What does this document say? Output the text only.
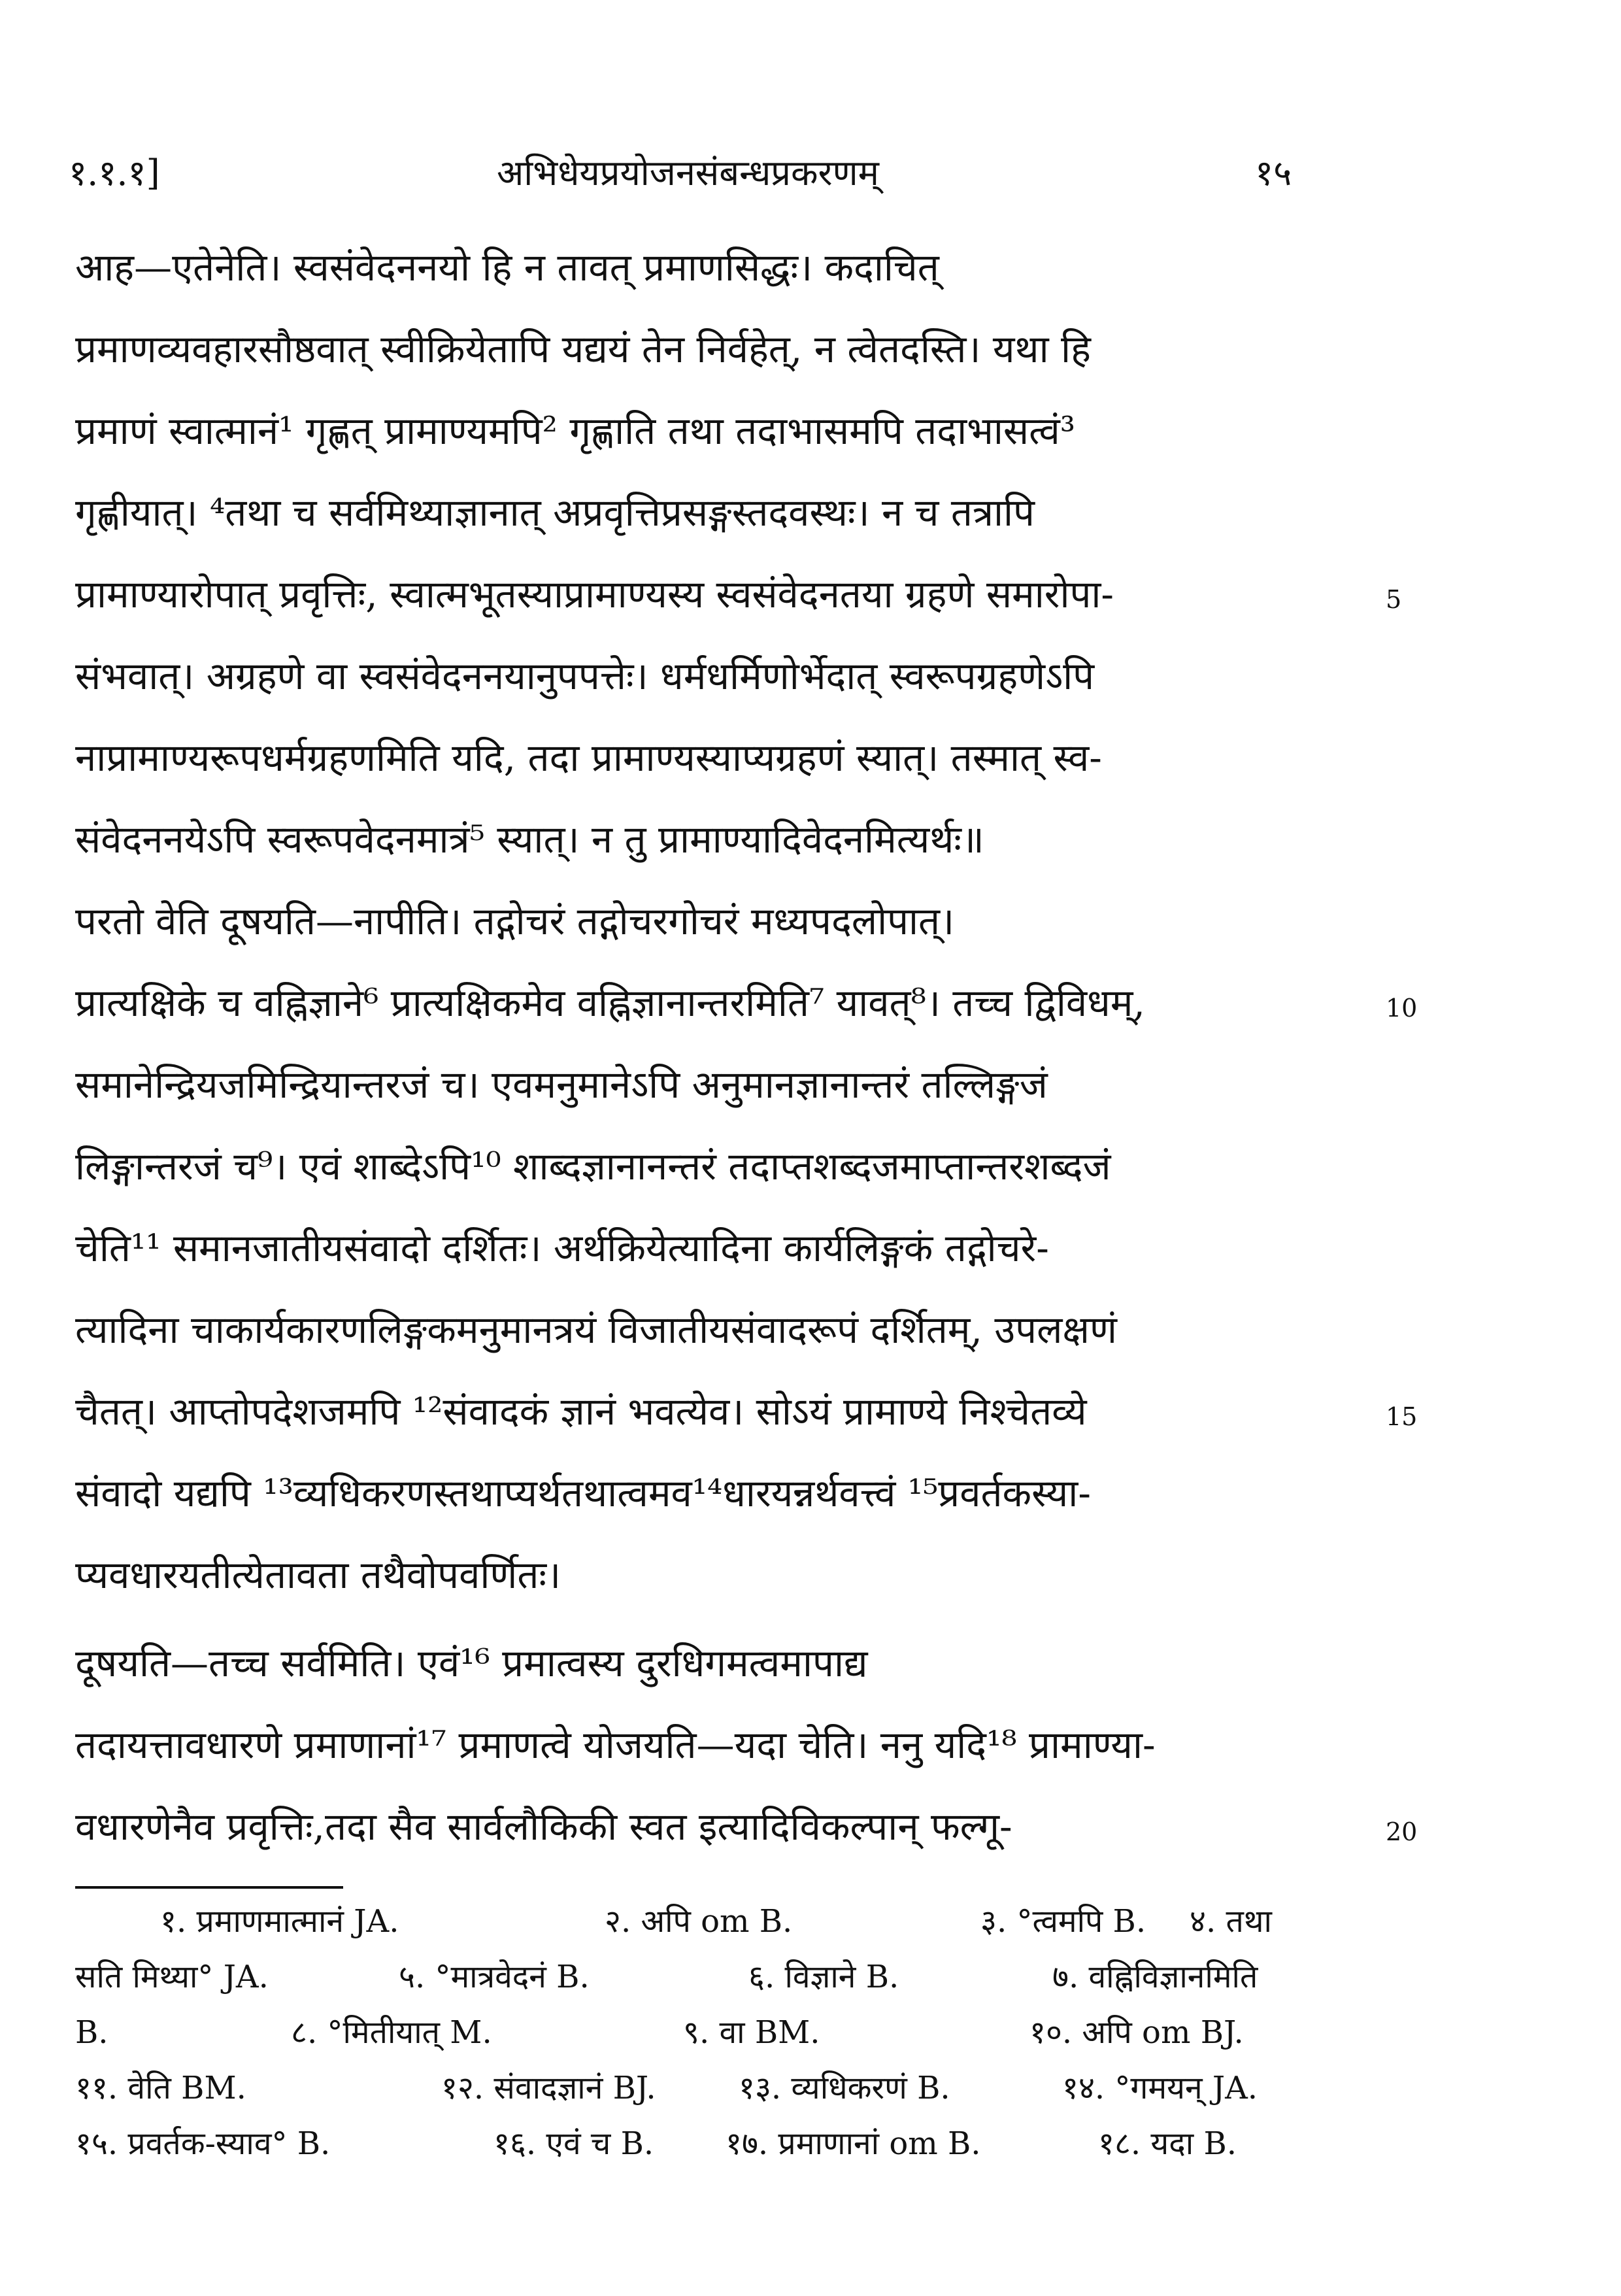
१.१.१]	अभिधेयप्रयोजनसंबन्धप्रकरणम्	१५
आह—एतेनेति। स्वसंवेदननयो हि न तावत् प्रमाणसिद्धः। कदाचित्
प्रमाणव्यवहारसौष्ठवात् स्वीक्रियेतापि यद्ययं तेन निर्वहेत्, न त्वेतदस्ति। यथा हि
प्रमाणं स्वात्मानं¹ गृह्णत् प्रामाण्यमपि² गृह्णाति तथा तदाभासमपि तदाभासत्वं³
गृह्णीयात्। ⁴तथा च सर्वमिथ्याज्ञानात् अप्रवृत्तिप्रसङ्गस्तदवस्थः। न च तत्रापि
प्रामाण्यारोपात् प्रवृत्तिः, स्वात्मभूतस्याप्रामाण्यस्य स्वसंवेदनतया ग्रहणे समारोपा-
संभवात्। अग्रहणे वा स्वसंवेदननयानुपपत्तेः। धर्मधर्मिणोर्भेदात् स्वरूपग्रहणेऽपि
नाप्रामाण्यरूपधर्मग्रहणमिति यदि, तदा प्रामाण्यस्याप्यग्रहणं स्यात्। तस्मात् स्व-
संवेदननयेऽपि स्वरूपवेदनमात्रं⁵ स्यात्। न तु प्रामाण्यादिवेदनमित्यर्थः॥
परतो वेति दूषयति—नापीति। तद्गोचरं तद्गोचरगोचरं मध्यपदलोपात्।
प्रात्यक्षिके च वह्निज्ञाने⁶ प्रात्यक्षिकमेव वह्निज्ञानान्तरमिति⁷ यावत्⁸। तच्च द्विविधम्,
समानेन्द्रियजमिन्द्रियान्तरजं च। एवमनुमानेऽपि अनुमानज्ञानान्तरं तल्लिङ्गजं
लिङ्गान्तरजं च⁹। एवं शाब्देऽपि¹⁰ शाब्दज्ञानानन्तरं तदाप्तशब्दजमाप्तान्तरशब्दजं
चेति¹¹ समानजातीयसंवादो दर्शितः। अर्थक्रियेत्यादिना कार्यलिङ्गकं तद्गोचरे-
त्यादिना चाकार्यकारणलिङ्गकमनुमानत्रयं विजातीयसंवादरूपं दर्शितम्, उपलक्षणं
चैतत्। आप्तोपदेशजमपि ¹²संवादकं ज्ञानं भवत्येव। सोऽयं प्रामाण्ये निश्चेतव्ये
संवादो यद्यपि ¹³व्यधिकरणस्तथाप्यर्थतथात्वमव¹⁴धारयन्नर्थवत्त्वं ¹⁵प्रवर्तकस्या-
प्यवधारयतीत्येतावता तथैवोपवर्णितः।
दूषयति—तच्च सर्वमिति। एवं¹⁶ प्रमात्वस्य दुरधिगमत्वमापाद्य
तदायत्तावधारणे प्रमाणानां¹⁷ प्रमाणत्वे योजयति—यदा चेति। ननु यदि¹⁸ प्रामाण्या-
वधारणेनैव प्रवृत्तिः,तदा सैव सार्वलौकिकी स्वत इत्यादिविकल्पान् फल्गू-
5
10
15
20
१. प्रमाणमात्मानं JA.	२. अपि om B.	३. °त्वमपि B. ४. तथा
सति मिथ्या° JA.	५. °मात्रवेदनं B.	६. विज्ञाने B.	७. वह्निविज्ञानमिति
B.	८. °मितीयात् M.	९. वा BM.	१०. अपि om BJ.
११. वेति BM.	१२. संवादज्ञानं BJ.	१३. व्यधिकरणं B.	१४. °गमयन् JA.
१५. प्रवर्तक-स्याव° B.	१६. एवं च B. १७. प्रमाणानां om B.	१८. यदा B.
